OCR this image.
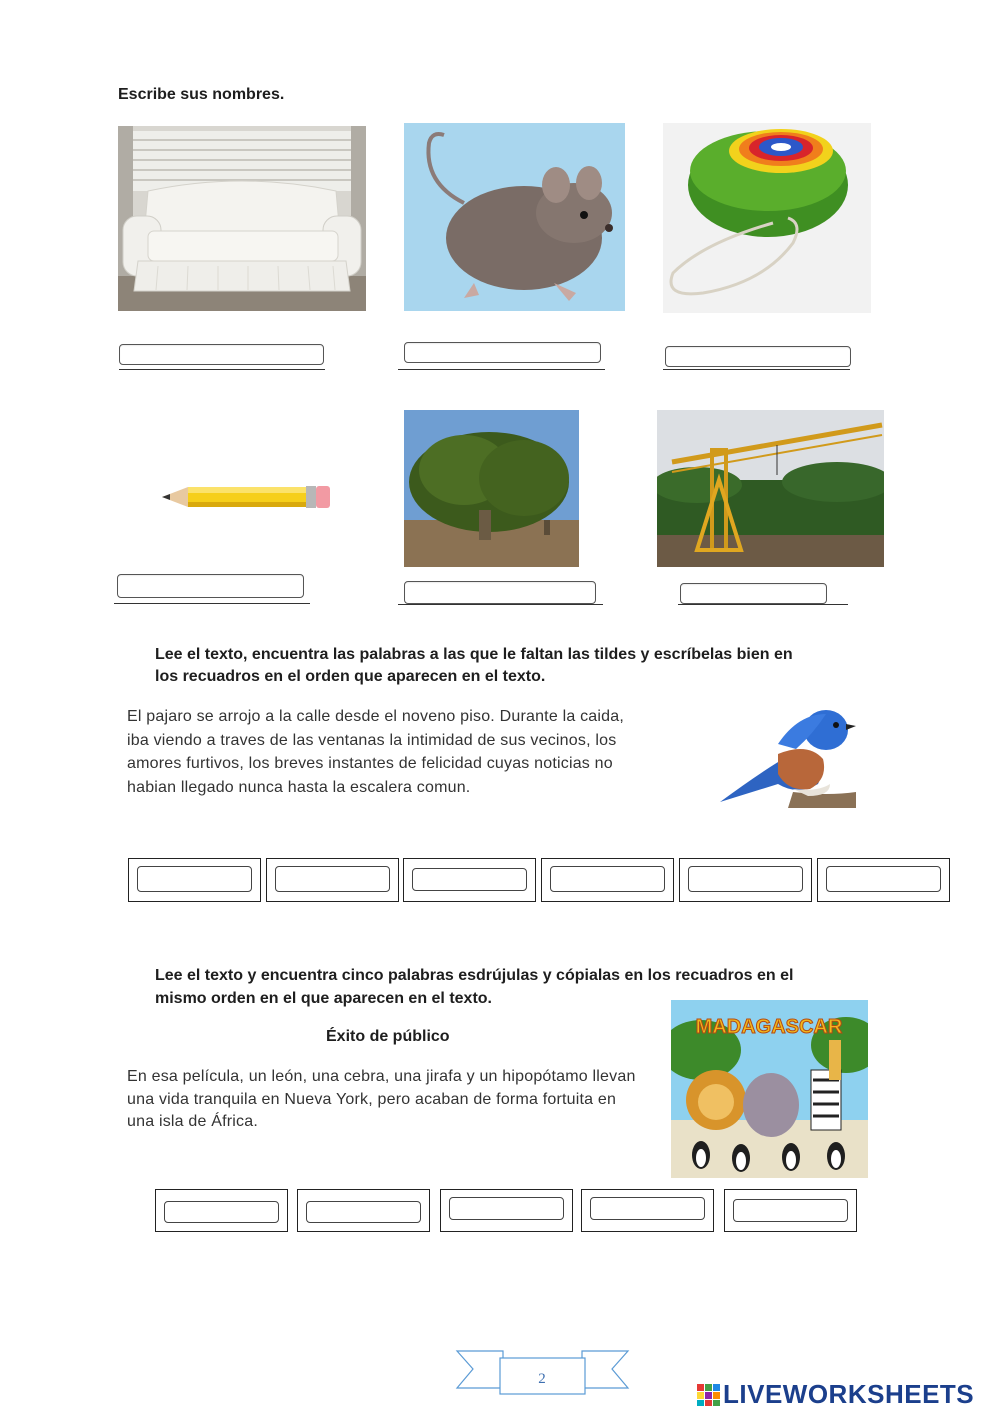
Escribe sus nombres.
Lee el texto, encuentra las palabras a las que le faltan las tildes y escríbelas bien en
los recuadros en el orden que aparecen en el texto.
El pajaro se arrojo a la calle desde el noveno piso. Durante la caida,
iba viendo a traves de las ventanas la intimidad de sus vecinos, los
amores furtivos, los breves instantes de felicidad cuyas noticias no
habian llegado nunca hasta la escalera comun.
Lee el texto y encuentra cinco palabras esdrújulas y cópialas en los recuadros en el
mismo orden en el que aparecen en el texto.
Éxito de público
En esa película, un león, una cebra, una jirafa y un hipopótamo llevan
una vida tranquila en Nueva York, pero acaban de forma fortuita en
una isla de África.
MADAGASCAR
2	LIVEWORKSHEETS
